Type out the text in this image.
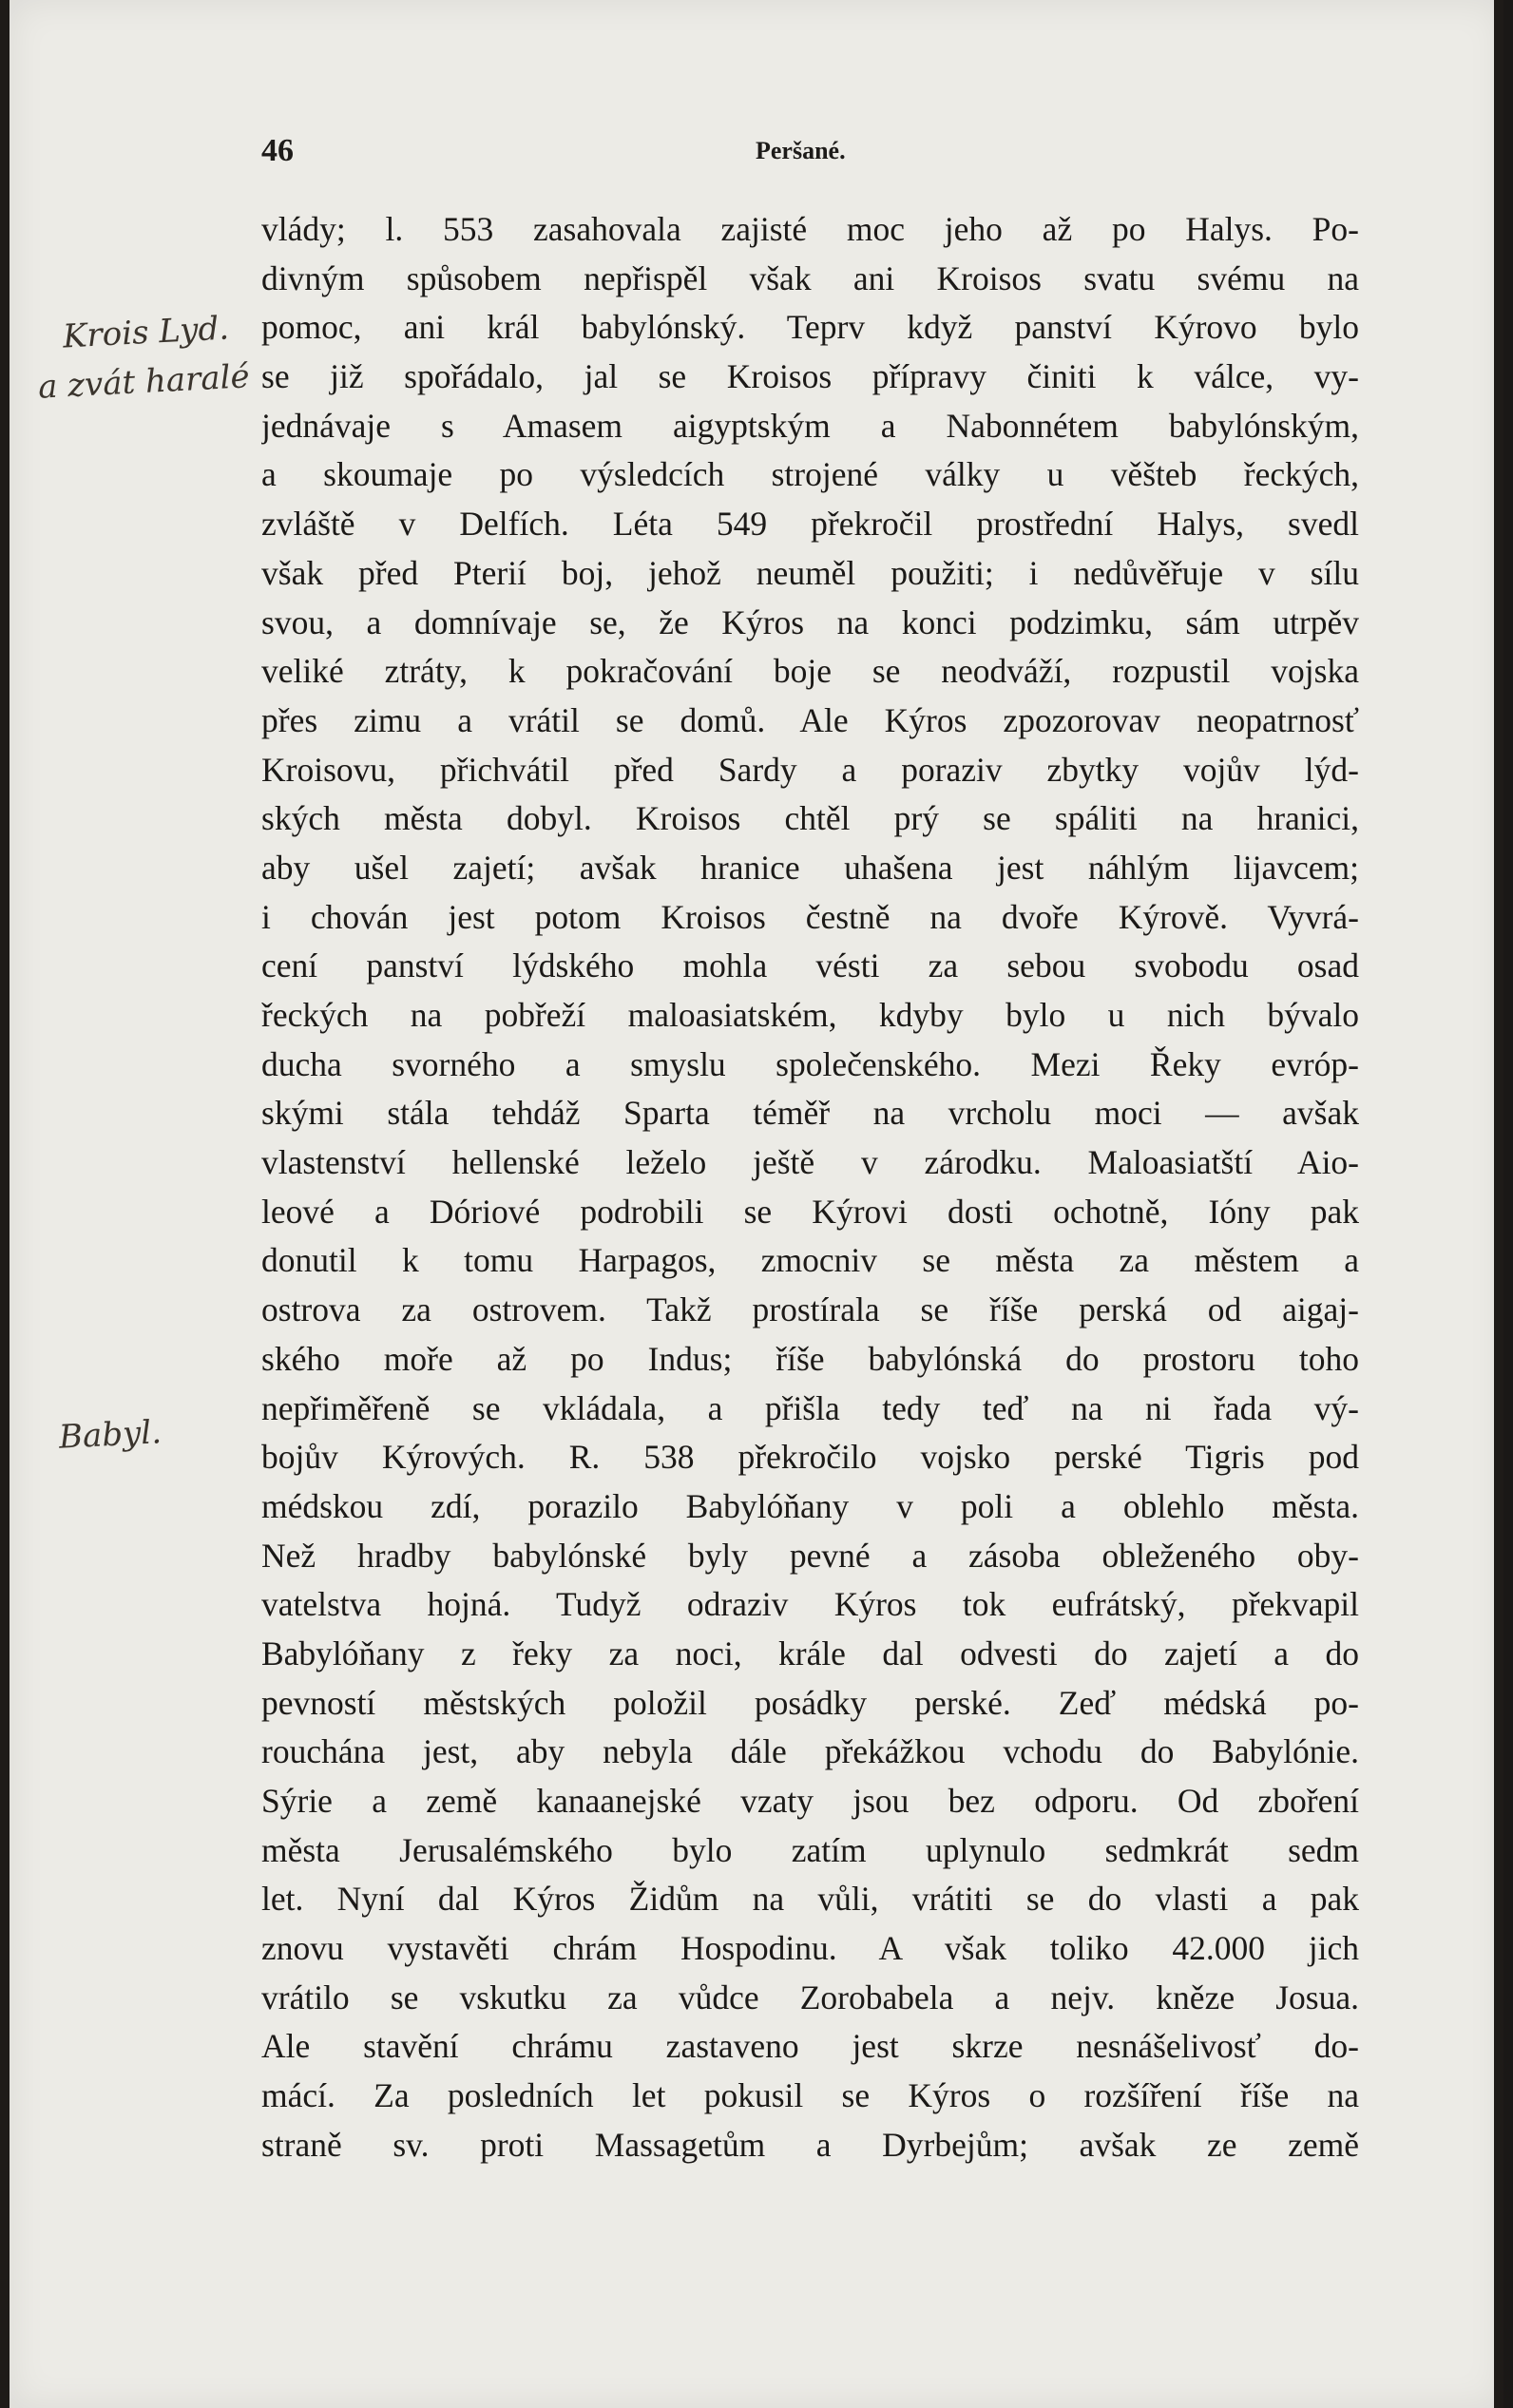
46	Peršané.
Krois Lyd.
a zvát haralé
Babyl.
vlády; l. 553 zasahovala zajisté moc jeho až po Halys. Po-
divným spůsobem nepřispěl však ani Kroisos svatu svému na
pomoc, ani král babylónský. Teprv když panství Kýrovo bylo
se již spořádalo, jal se Kroisos přípravy činiti k válce, vy-
jednávaje s Amasem aigyptským a Nabonnétem babylónským,
a skoumaje po výsledcích strojené války u věšteb řeckých,
zvláště v Delfích. Léta 549 překročil prostřední Halys, svedl
však před Pterií boj, jehož neuměl použiti; i nedůvěřuje v sílu
svou, a domnívaje se, že Kýros na konci podzimku, sám utrpěv
veliké ztráty, k pokračování boje se neodváží, rozpustil vojska
přes zimu a vrátil se domů. Ale Kýros zpozorovav neopatrnosť
Kroisovu, přichvátil před Sardy a poraziv zbytky vojův lýd-
ských města dobyl. Kroisos chtěl prý se spáliti na hranici,
aby ušel zajetí; avšak hranice uhašena jest náhlým lijavcem;
i chován jest potom Kroisos čestně na dvoře Kýrově. Vyvrá-
cení panství lýdského mohla vésti za sebou svobodu osad
řeckých na pobřeží maloasiatském, kdyby bylo u nich bývalo
ducha svorného a smyslu společenského. Mezi Řeky evróp-
skými stála tehdáž Sparta téměř na vrcholu moci — avšak
vlastenství hellenské leželo ještě v zárodku. Maloasiatští Aio-
leové a Dóriové podrobili se Kýrovi dosti ochotně, Ióny pak
donutil k tomu Harpagos, zmocniv se města za městem a
ostrova za ostrovem. Takž prostírala se říše perská od aigaj-
ského moře až po Indus; říše babylónská do prostoru toho
nepřiměřeně se vkládala, a přišla tedy teď na ni řada vý-
bojův Kýrových. R. 538 překročilo vojsko perské Tigris pod
médskou zdí, porazilo Babylóňany v poli a oblehlo města.
Než hradby babylónské byly pevné a zásoba obleženého oby-
vatelstva hojná. Tudyž odraziv Kýros tok eufrátský, překvapil
Babylóňany z řeky za noci, krále dal odvesti do zajetí a do
pevností městských položil posádky perské. Zeď médská po-
rouchána jest, aby nebyla dále překážkou vchodu do Babylónie.
Sýrie a země kanaanejské vzaty jsou bez odporu. Od zboření
města Jerusalémského bylo zatím uplynulo sedmkrát sedm
let. Nyní dal Kýros Židům na vůli, vrátiti se do vlasti a pak
znovu vystavěti chrám Hospodinu. A však toliko 42.000 jich
vrátilo se vskutku za vůdce Zorobabela a nejv. kněze Josua.
Ale stavění chrámu zastaveno jest skrze nesnášelivosť do-
mácí. Za posledních let pokusil se Kýros o rozšíření říše na
straně sv. proti Massagetům a Dyrbejům; avšak ze země
